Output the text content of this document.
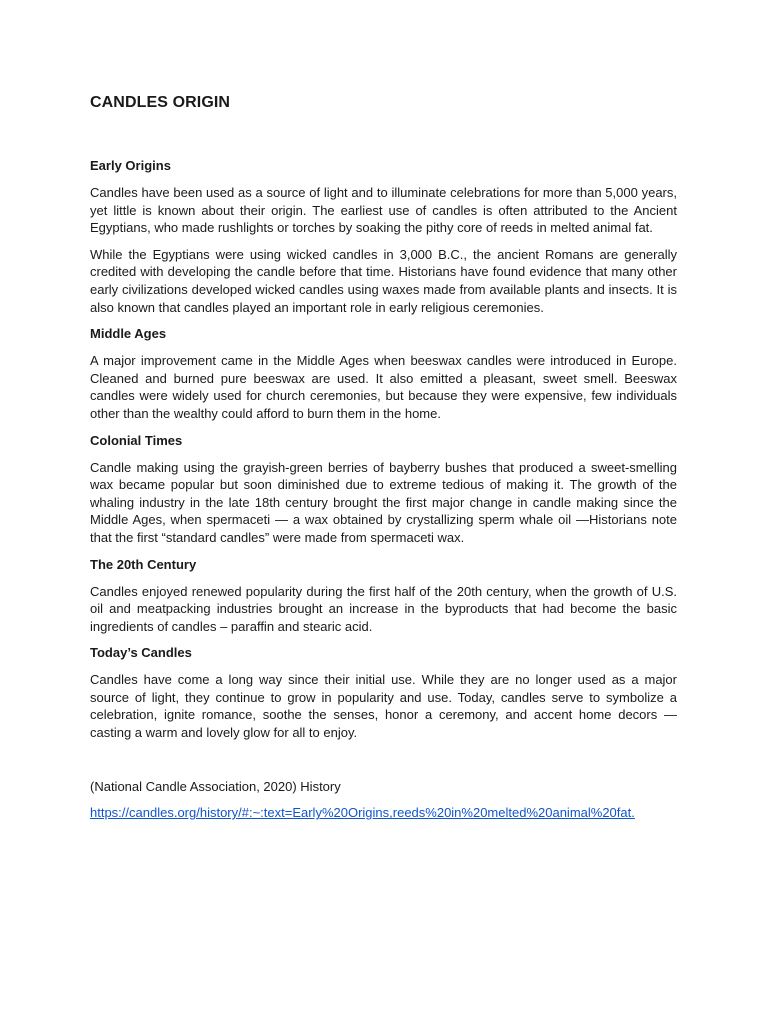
CANDLES ORIGIN
Early Origins

Candles have been used as a source of light and to illuminate celebrations for more than 5,000 years, yet little is known about their origin. The earliest use of candles is often attributed to the Ancient Egyptians, who made rushlights or torches by soaking the pithy core of reeds in melted animal fat.

While the Egyptians were using wicked candles in 3,000 B.C., the ancient Romans are generally credited with developing the candle before that time. Historians have found evidence that many other early civilizations developed wicked candles using waxes made from available plants and insects. It is also known that candles played an important role in early religious ceremonies.

Middle Ages

A major improvement came in the Middle Ages when beeswax candles were introduced in Europe. Cleaned and burned pure beeswax are used. It also emitted a pleasant, sweet smell. Beeswax candles were widely used for church ceremonies, but because they were expensive, few individuals other than the wealthy could afford to burn them in the home.

Colonial Times

Candle making using the grayish-green berries of bayberry bushes that produced a sweet-smelling wax became popular but soon diminished due to extreme tedious of making it. The growth of the whaling industry in the late 18th century brought the first major change in candle making since the Middle Ages, when spermaceti — a wax obtained by crystallizing sperm whale oil —Historians note that the first “standard candles” were made from spermaceti wax.

The 20th Century

Candles enjoyed renewed popularity during the first half of the 20th century, when the growth of U.S. oil and meatpacking industries brought an increase in the byproducts that had become the basic ingredients of candles – paraffin and stearic acid.

Today’s Candles

Candles have come a long way since their initial use. While they are no longer used as a major source of light, they continue to grow in popularity and use. Today, candles serve to symbolize a celebration, ignite romance, soothe the senses, honor a ceremony, and accent home decors — casting a warm and lovely glow for all to enjoy.

(National Candle Association, 2020) History

https://candles.org/history/#:~:text=Early%20Origins,reeds%20in%20melted%20animal%20fat.
